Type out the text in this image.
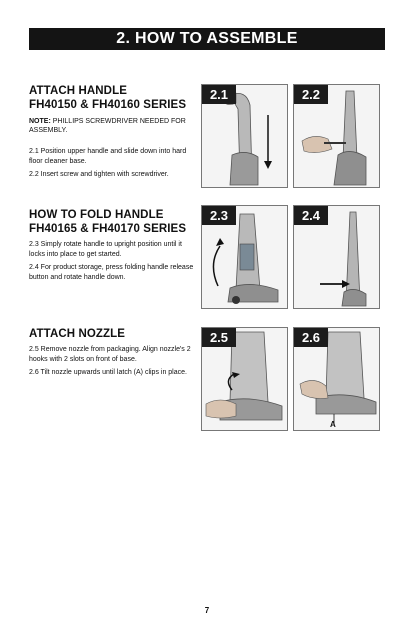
2. HOW TO ASSEMBLE

ATTACH HANDLE

FH40150 & FH40160 SERIES

NOTE: PHILLIPS SCREWDRIVER NEEDED FOR ASSEMBLY.

2.1 Position upper handle and slide down into hard floor cleaner base.

2.2 Insert screw and tighten with screwdriver.

HOW TO FOLD HANDLE

FH40165 & FH40170 SERIES

2.3 Simply rotate handle to upright position until it locks into place to get started.

2.4 For product storage, press folding handle release button and rotate handle down.

ATTACH NOZZLE

2.5 Remove nozzle from packaging. Align nozzle's 2 hooks with 2 slots on front of base.

2.6 Tilt nozzle upwards until latch (A) clips in place.

2.1	2.2
2.3	2.4
2.5	2.6
A
7
